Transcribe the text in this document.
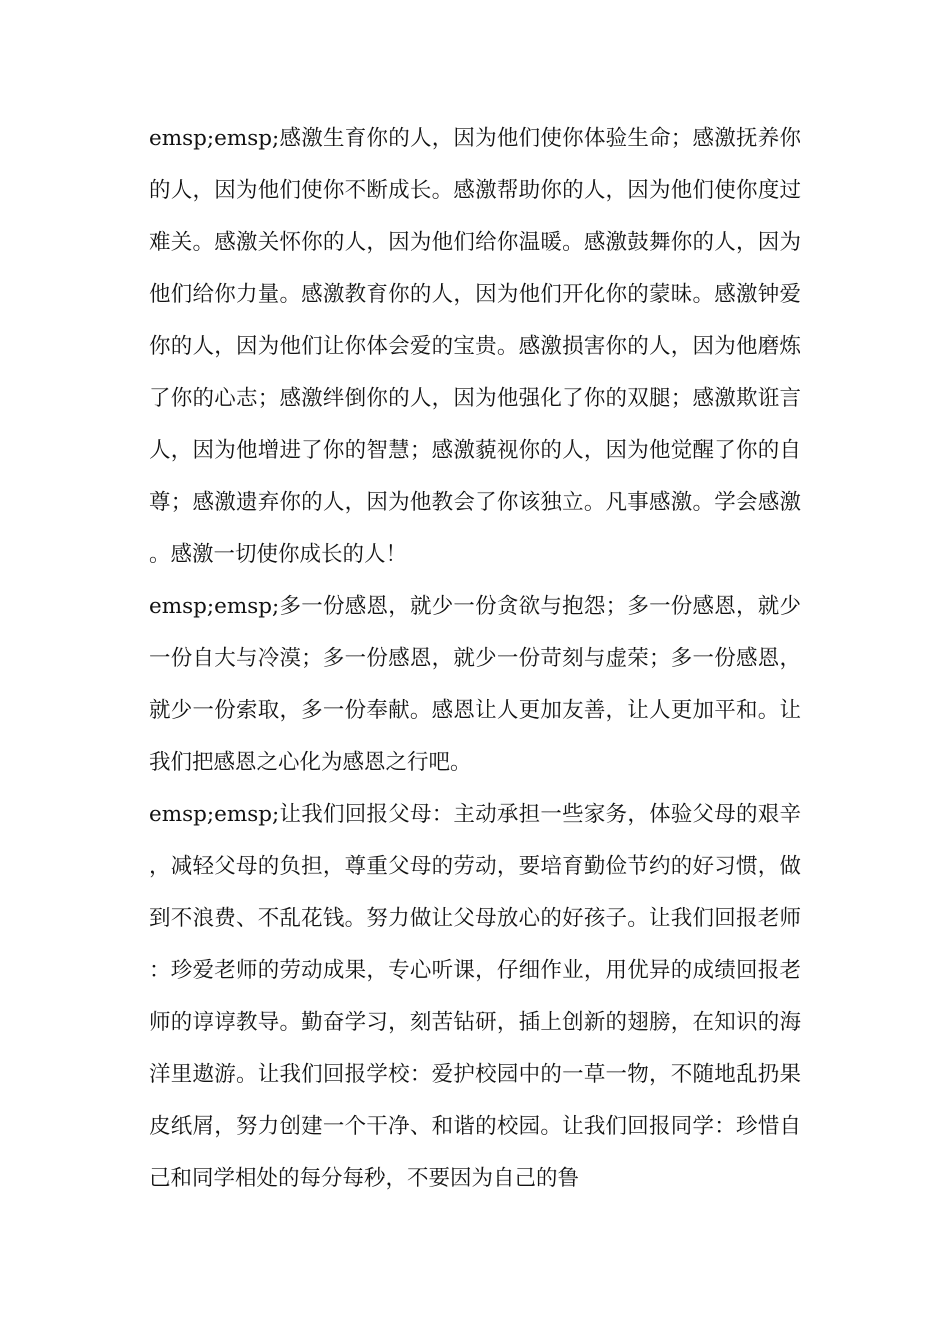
emsp;emsp;感激生育你的人，因为他们使你体验生命；感激抚养你的人，因为他们使你不断成长。感激帮助你的人，因为他们使你度过难关。感激关怀你的人，因为他们给你温暖。感激鼓舞你的人，因为他们给你力量。感激教育你的人，因为他们开化你的蒙昧。感激钟爱你的人，因为他们让你体会爱的宝贵。感激损害你的人，因为他磨炼了你的心志；感激绊倒你的人，因为他强化了你的双腿；感激欺诳言人，因为他增进了你的智慧；感激藐视你的人，因为他觉醒了你的自尊；感激遗弃你的人，因为他教会了你该独立。凡事感激。学会感激。感激一切使你成长的人！

emsp;emsp;多一份感恩，就少一份贪欲与抱怨；多一份感恩，就少一份自大与冷漠；多一份感恩，就少一份苛刻与虚荣；多一份感恩，就少一份索取，多一份奉献。感恩让人更加友善，让人更加平和。让我们把感恩之心化为感恩之行吧。

emsp;emsp;让我们回报父母：主动承担一些家务，体验父母的艰辛，减轻父母的负担，尊重父母的劳动，要培育勤俭节约的好习惯，做到不浪费、不乱花钱。努力做让父母放心的好孩子。让我们回报老师：珍爱老师的劳动成果，专心听课，仔细作业，用优异的成绩回报老师的谆谆教导。勤奋学习，刻苦钻研，插上创新的翅膀，在知识的海洋里遨游。让我们回报学校：爱护校园中的一草一物，不随地乱扔果皮纸屑，努力创建一个干净、和谐的校园。让我们回报同学：珍惜自己和同学相处的每分每秒，不要因为自己的鲁
